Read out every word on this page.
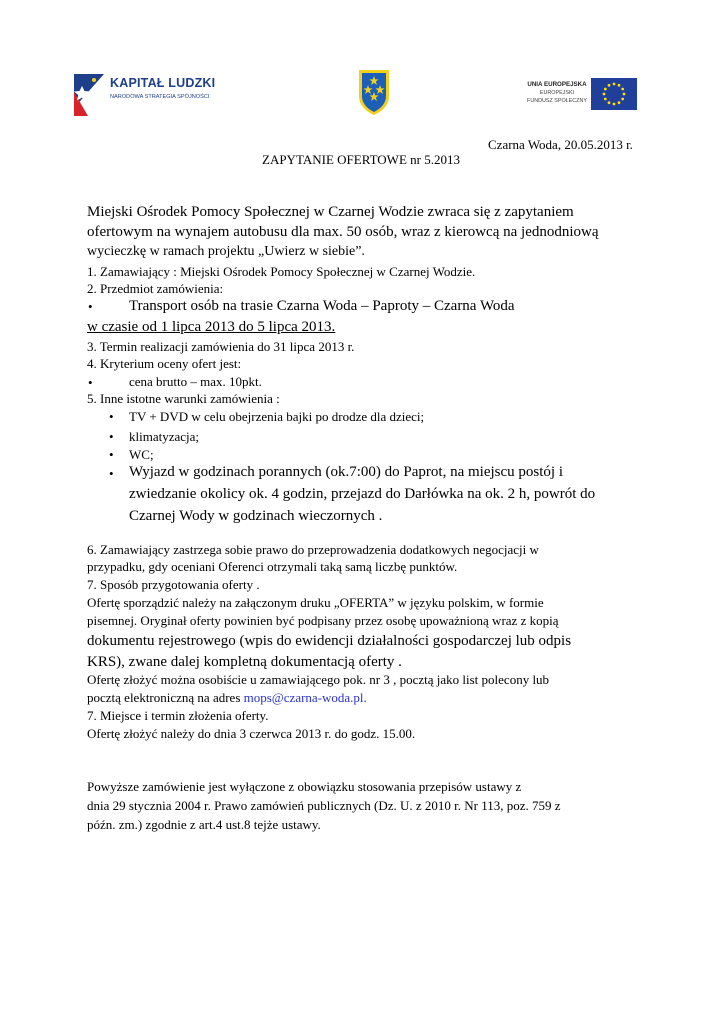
KAPITAŁ LUDZKI
NARODOWA STRATEGIA SPÓJNOŚCI
UNIA EUROPEJSKA
EUROPEJSKI
FUNDUSZ SPOŁECZNY
Czarna Woda, 20.05.2013 r.
ZAPYTANIE OFERTOWE nr 5.2013
Miejski Ośrodek Pomocy Społecznej w Czarnej Wodzie zwraca się z zapytaniem
ofertowym na wynajem autobusu dla max. 50 osób, wraz z kierowcą na jednodniową
wycieczkę w ramach projektu „Uwierz w siebie”.
1. Zamawiający : Miejski Ośrodek Pomocy Społecznej w Czarnej Wodzie.
2. Przedmiot zamówienia:
• Transport osób na trasie Czarna Woda – Paproty – Czarna Woda
w czasie od 1 lipca 2013 do 5 lipca 2013.
3. Termin realizacji zamówienia do 31 lipca 2013 r.
4. Kryterium oceny ofert jest:
•	cena brutto – max. 10pkt.
5. Inne istotne warunki zamówienia :
• TV + DVD w celu obejrzenia bajki po drodze dla dzieci;
• klimatyzacja;
• WC;
• Wyjazd w godzinach porannych (ok.7:00) do Paprot, na miejscu postój i
zwiedzanie okolicy ok. 4 godzin, przejazd do Darłówka na ok. 2 h, powrót do
Czarnej Wody w godzinach wieczornych .
6. Zamawiający zastrzega sobie prawo do przeprowadzenia dodatkowych negocjacji w
przypadku, gdy oceniani Oferenci otrzymali taką samą liczbę punktów.
7. Sposób przygotowania oferty .
Ofertę sporządzić należy na załączonym druku „OFERTA” w języku polskim, w formie
pisemnej. Oryginał oferty powinien być podpisany przez osobę upoważnioną wraz z kopią
dokumentu rejestrowego (wpis do ewidencji działalności gospodarczej lub odpis
KRS), zwane dalej kompletną dokumentacją oferty .
Ofertę złożyć można osobiście u zamawiającego pok. nr 3 , pocztą jako list polecony lub
pocztą elektroniczną na adres mops@czarna-woda.pl.
7. Miejsce i termin złożenia oferty.
Ofertę złożyć należy do dnia 3 czerwca 2013 r. do godz. 15.00.
Powyższe zamówienie jest wyłączone z obowiązku stosowania przepisów ustawy z
dnia 29 stycznia 2004 r. Prawo zamówień publicznych (Dz. U. z 2010 r. Nr 113, poz. 759 z
późn. zm.) zgodnie z art.4 ust.8 tejże ustawy.
